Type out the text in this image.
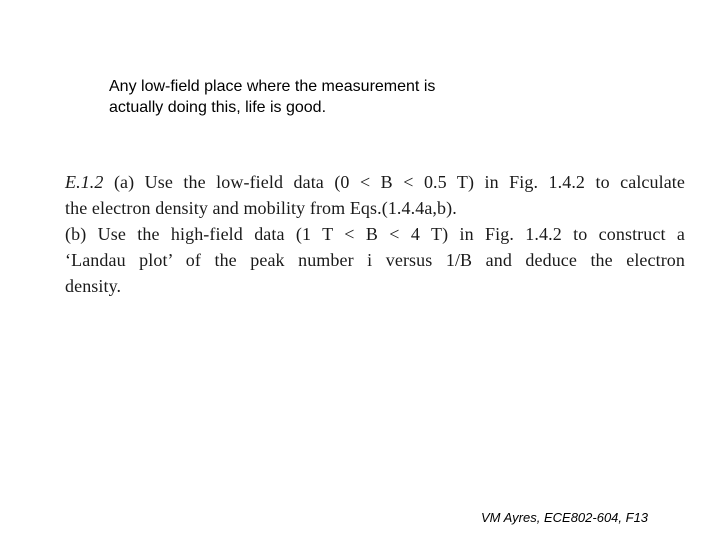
Any low-field place where the measurement is
actually doing this, life is good.
E.1.2 (a) Use the low-field data (0 < B < 0.5 T) in Fig. 1.4.2 to calculate
the electron density and mobility from Eqs.(1.4.4a,b).
(b) Use the high-field data (1 T < B < 4 T) in Fig. 1.4.2 to construct a
‘Landau plot’ of the peak number i versus 1/B and deduce the electron
density.
VM Ayres, ECE802-604, F13
